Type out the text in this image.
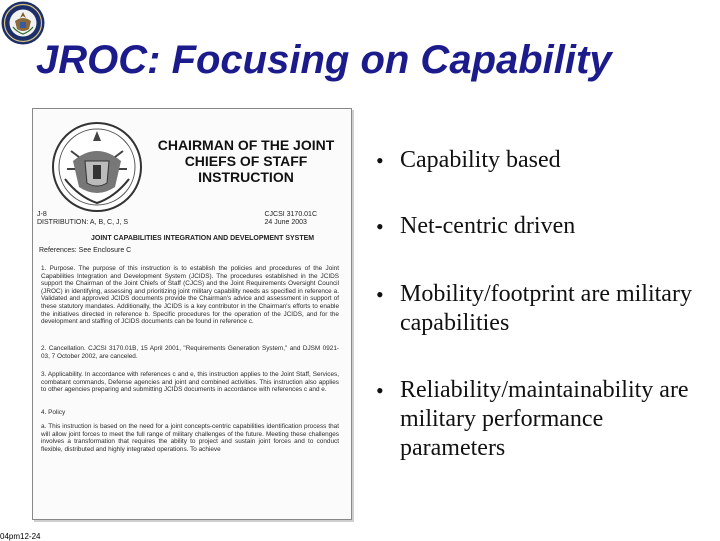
JROC: Focusing on Capability
CHAIRMAN OF THE JOINT
CHIEFS OF STAFF
INSTRUCTION
J-8
DISTRIBUTION: A, B, C, J, S
CJCSI 3170.01C
24 June 2003
JOINT CAPABILITIES INTEGRATION AND DEVELOPMENT SYSTEM
References: See Enclosure C
1. Purpose. The purpose of this instruction is to establish the policies and procedures of the Joint Capabilities Integration and Development System (JCIDS). The procedures established in the JCIDS support the Chairman of the Joint Chiefs of Staff (CJCS) and the Joint Requirements Oversight Council (JROC) in identifying, assessing and prioritizing joint military capability needs as specified in reference a. Validated and approved JCIDS documents provide the Chairman's advice and assessment in support of these statutory mandates. Additionally, the JCIDS is a key contributor in the Chairman's efforts to enable the initiatives directed in reference b. Specific procedures for the operation of the JCIDS, and for the development and staffing of JCIDS documents can be found in reference c.
2. Cancellation. CJCSI 3170.01B, 15 April 2001, "Requirements Generation System," and DJSM 0921-03, 7 October 2002, are canceled.
3. Applicability. In accordance with references c and e, this instruction applies to the Joint Staff, Services, combatant commands, Defense agencies and joint and combined activities. This instruction also applies to other agencies preparing and submitting JCIDS documents in accordance with references c and e.
4. Policy
a. This instruction is based on the need for a joint concepts-centric capabilities identification process that will allow joint forces to meet the full range of military challenges of the future. Meeting these challenges involves a transformation that requires the ability to project and sustain joint forces and to conduct flexible, distributed and highly integrated operations. To achieve
• Capability based
• Net-centric driven
• Mobility/footprint are military capabilities
• Reliability/maintainability are military performance parameters
04pm12-24
